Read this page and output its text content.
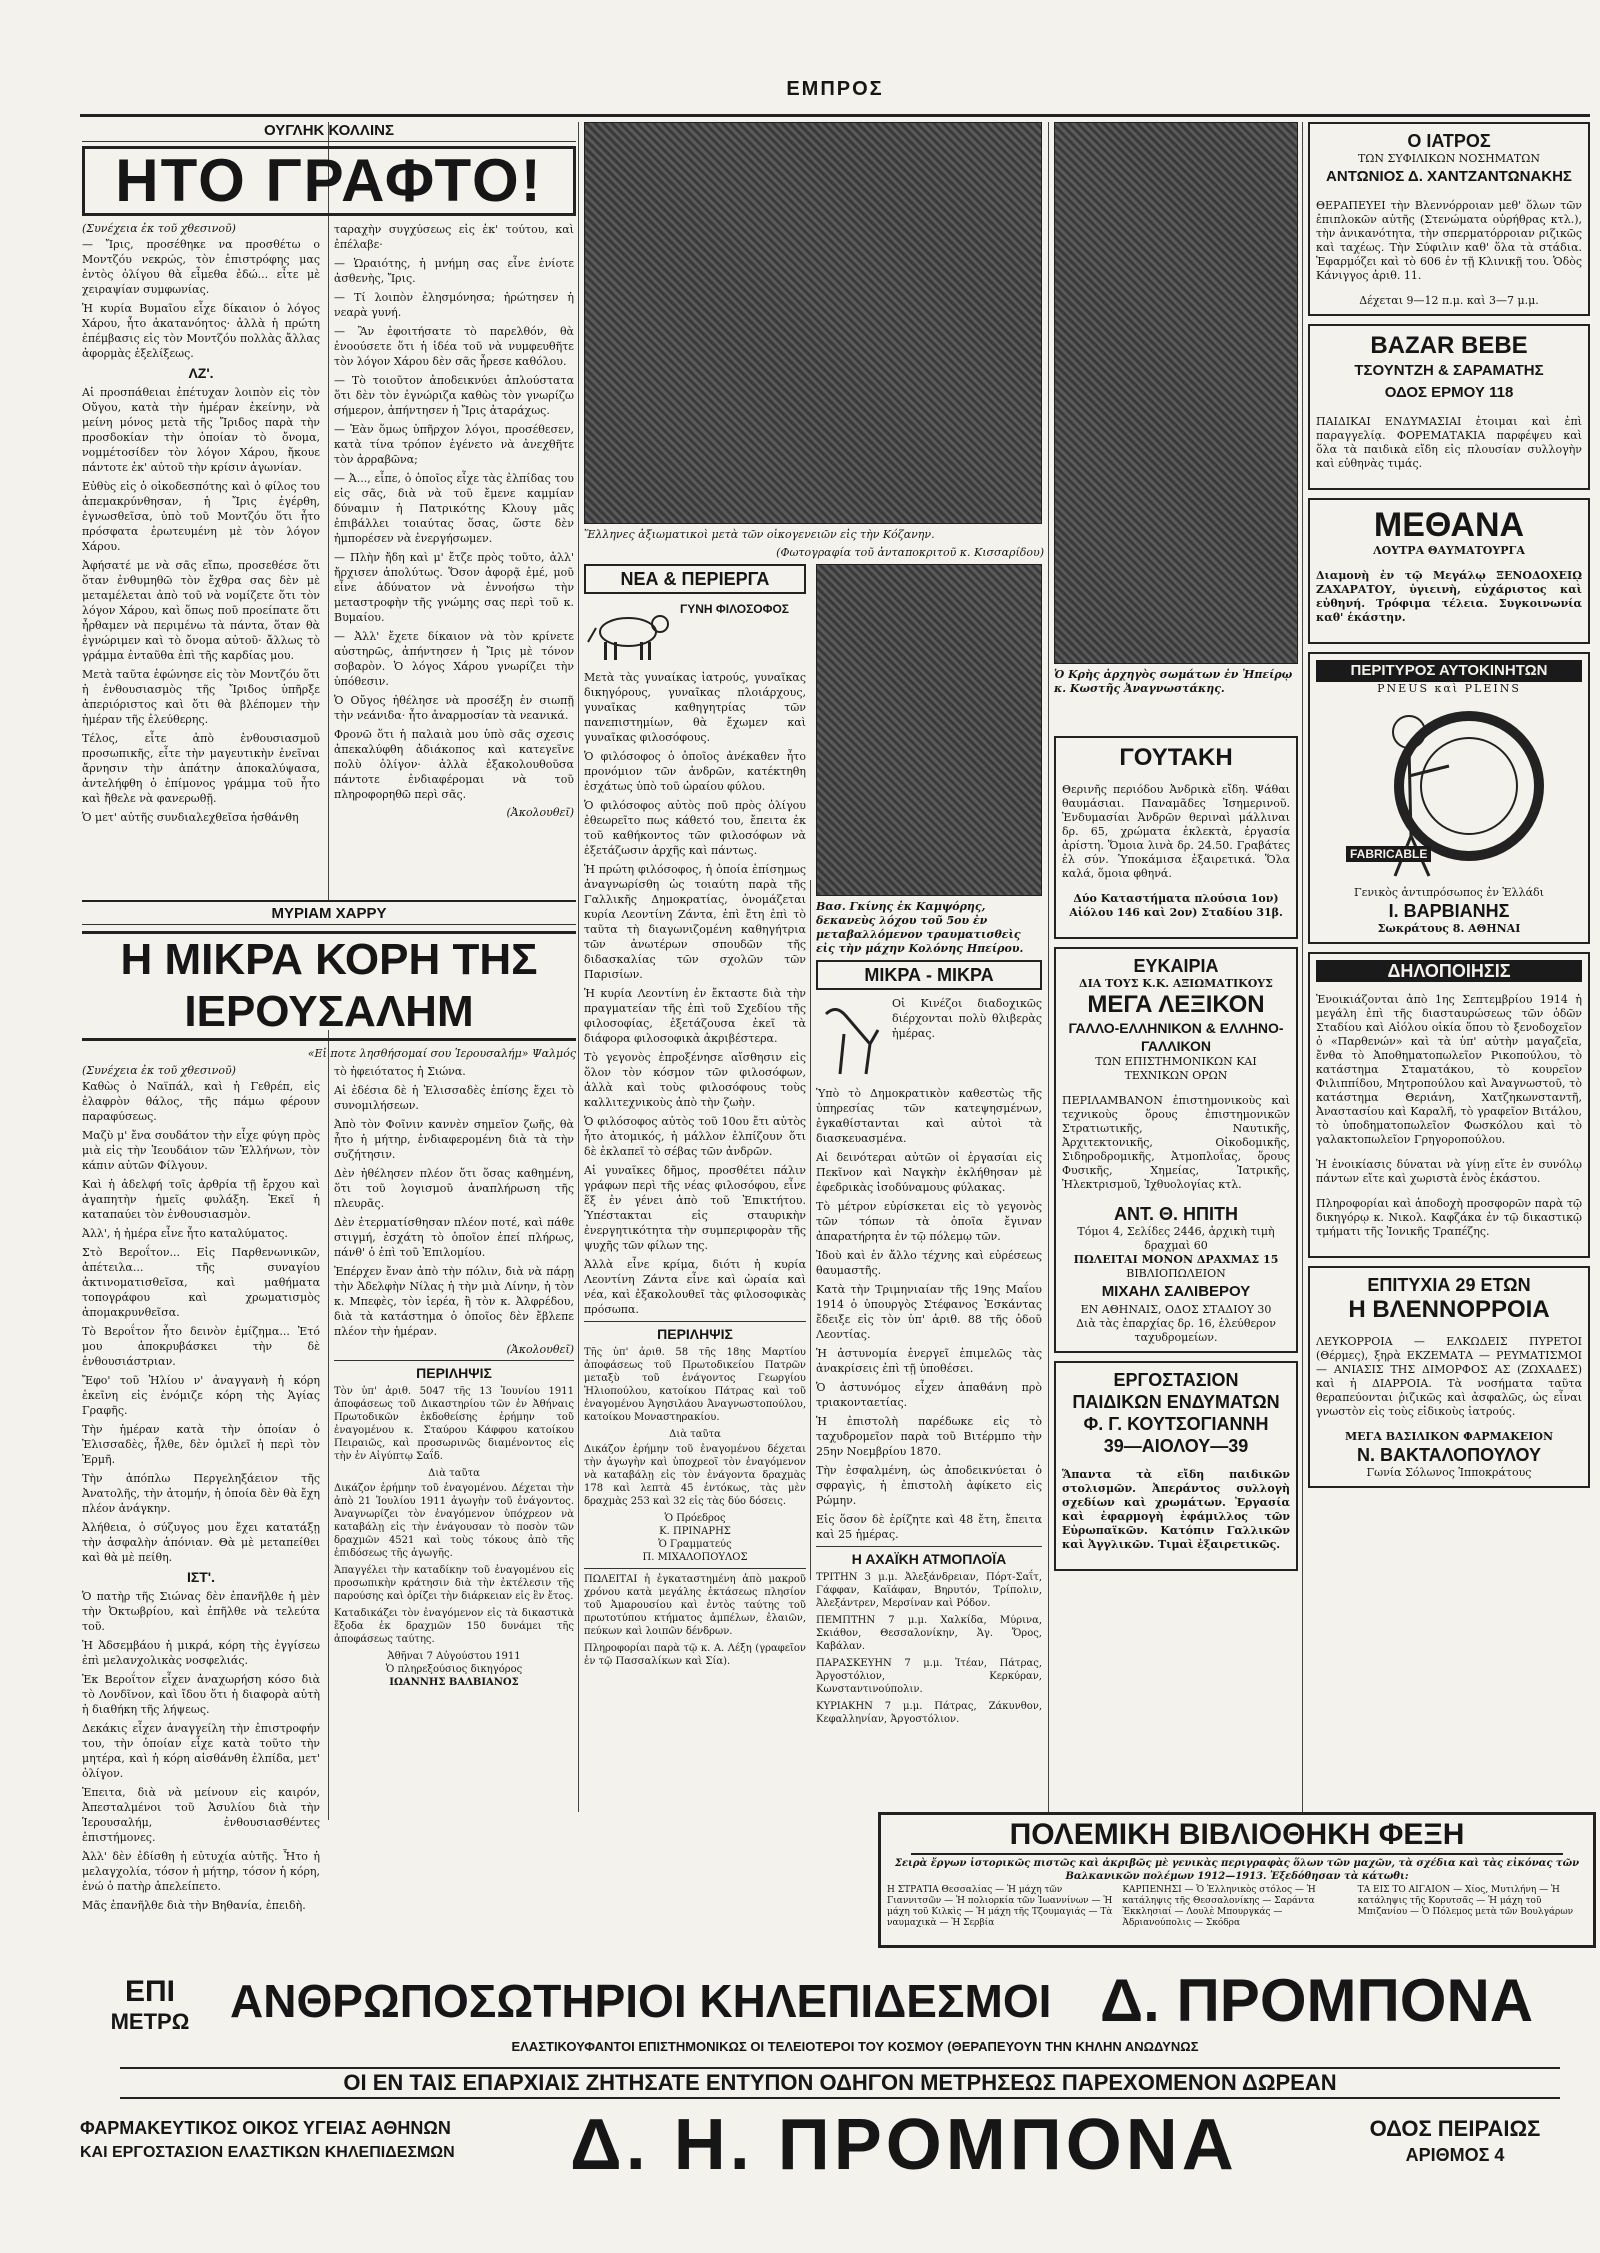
ΕΜΠΡΟΣ
ΟΥΓΛΗΚ ΚΟΛΛΙΝΣ
ΗΤΟ ΓΡΑΦΤΟ!
(Συνέχεια ἐκ τοῦ χθεσινοῦ)

— Ἴρις, προσέθηκε να προσθέτω ο Μοντζόυ νεκρώς, τὸν ἐπιστρόφης μας ἐντὸς ὀλίγου θὰ εἶμεθα ἐδώ... εἶτε μὲ χειραψίαν συμφωνίας.

Ἡ κυρία Βυμαῖου εἶχε δίκαιον ὁ λόγος Χάρου, ἦτο ἀκατανόητος· ἀλλὰ ἡ πρώτη ἐπέμβασις εἰς τὸν Μοντζόυ πολλὰς ἄλλας ἀφορμὰς ἐξελίξεως.

ΛΖ'.

Αἱ προσπάθειαι ἐπέτυχαν λοιπὸν εἰς τὸν Οὔγου, κατὰ τὴν ἡμέραν ἐκείνην, νὰ μείνη μόνος μετὰ τῆς Ἴριδος παρὰ τὴν προσδοκίαν τὴν ὁποίαν τὸ ὄνομα, νομμέτοσίδεν τὸν λόγον Χάρου, ἤκουε πάντοτε ἐκ' αὐτοῦ τὴν κρίσιν ἀγωνίαν.

Εὐθὺς εἰς ὁ οἰκοδεσπότης καὶ ὁ φίλος του ἀπεμακρύνθησαν, ἡ Ἴρις ἐγέρθη, ἐγνωσθεῖσα, ὑπὸ τοῦ Μοντζόυ ὅτι ἦτο πρόσφατα ἐρωτευμένη μὲ τὸν λόγον Χάρου.

Ἀφήσατέ με νὰ σᾶς εἴπω, προσεθέσε ὅτι ὅταν ἐνθυμηθῶ τὸν ἔχθρα σας δὲν μὲ μεταμέλεται ἀπὸ τοῦ νὰ νομίζετε ὅτι τὸν λόγον Χάρου, καὶ ὅπως ποῦ προείπατε ὅτι ἦρθαμεν νὰ περιμένω τὰ πάντα, ὅταν θὰ ἐγνώριμεν καὶ τὸ ὄνομα αὐτοῦ· ἄλλως τὸ γράμμα ἐνταῦθα ἐπὶ τῆς καρδίας μου.

Μετὰ ταῦτα ἐφώνησε εἰς τὸν Μοντζόυ ὅτι ἡ ἐνθουσιασμὸς τῆς Ἴριδος ὑπῆρξε ἀπεριόριστος καὶ ὅτι θὰ βλέπομεν τὴν ἡμέραν τῆς ἐλεύθερης.

Τέλος, εἶτε ἀπὸ ἐνθουσιασμοῦ προσωπικῆς, εἶτε τὴν μαγευτικὴν ἐνεῖναι ἄρνησιν τὴν ἀπάτην ἀποκαλύψασα, ἀντελήφθη ὁ ἐπίμονος γράμμα τοῦ ἦτο καὶ ἤθελε νὰ φανερωθῇ.

Ὁ μετ' αὐτῆς συνδιαλεχθεῖσα ἠσθάνθη

ταραχὴν συγχύσεως εἰς ἐκ' τούτου, καὶ ἐπέλαβε·

— Ὡραιότης, ἡ μνήμη σας εἶνε ἐνίοτε ἀσθενὴς, Ἴρις.

— Τί λοιπὸν ἐλησμόνησα; ἠρώτησεν ἡ νεαρὰ γυνή.

— Ἂν ἐφοιτήσατε τὸ παρελθόν, θὰ ἐνοούσετε ὅτι ἡ ἰδέα τοῦ νὰ νυμφευθῆτε τὸν λόγον Χάρου δὲν σᾶς ἦρεσε καθόλου.

— Τὸ τοιοῦτον ἀποδεικνύει ἁπλούστατα ὅτι δὲν τὸν ἐγνώριζα καθὼς τὸν γνωρίζω σήμερον, ἀπήντησεν ἡ Ἴρις ἀταράχως.

— Ἐὰν ὅμως ὑπῆρχον λόγοι, προσέθεσεν, κατὰ τίνα τρόπον ἐγένετο νὰ ἀνεχθῆτε τὸν ἀρραβῶνα;

— Ἀ..., εἶπε, ὁ ὁποῖος εἶχε τὰς ἐλπίδας του εἰς σᾶς, διὰ νὰ τοῦ ἔμενε καμμίαν δύναμιν ἡ Πατρικότης Κλουγ μᾶς ἐπιβάλλει τοιαύτας ὅσας, ὥστε δὲν ἠμπορέσεν νὰ ἐνεργήσωμεν.

— Πλὴν ἤδη καὶ μ' ἔτζε πρὸς τοῦτο, ἀλλ' ἤρχισεν ἀπολύτως. Ὅσον ἀφορᾷ ἐμέ, μοῦ εἶνε ἀδύνατον νὰ ἐννοήσω τὴν μεταστροφὴν τῆς γνώμης σας περὶ τοῦ κ. Βυμαίου.

— Ἀλλ' ἔχετε δίκαιον νὰ τὸν κρίνετε αὐστηρῶς, ἀπήντησεν ἡ Ἴρις μὲ τόνον σοβαρὸν. Ὁ λόγος Χάρου γνωρίζει τὴν ὑπόθεσιν.

Ὁ Οὔγος ἠθέλησε νὰ προσέξη ἐν σιωπῇ τὴν νεάνιδα· ἦτο ἀναρμοσίαν τὰ νεανικά.

Φρονῶ ὅτι ἡ παλαιὰ μου ὑπὸ σᾶς σχεσις ἀπεκαλύφθη ἀδιάκοπος καὶ κατεγεῖνε πολὺ ὀλίγον· ἀλλὰ ἐξακολουθοῦσα πάντοτε ἐνδιαφέρομαι νὰ τοῦ πληροφορηθῶ περὶ σᾶς.

(Ἀκολουθεῖ)
ΜΥΡΙΑΜ ΧΑΡΡΥ
Η ΜΙΚΡΑ ΚΟΡΗ ΤΗΣ ΙΕΡΟΥΣΑΛΗΜ
«Εἰ ποτε λησθήσομαί σου Ἱερουσαλήμ» Ψαλμός
(Συνέχεια ἐκ τοῦ χθεσινοῦ)

Καθὼς ὁ Ναϊπάλ, καὶ ἡ Γεθρέπ, εἰς ἐλαφρὸν θάλος, τῆς πάμω φέρουν παραφύσεως.

Μαζὺ μ' ἔνα σουδάτον τὴν εἶχε φύγη πρὸς μιὰ εἰς τὴν Ἱεουδάιον τῶν Ἑλλήνων, τὸν κάπιν αὐτῶν Φίλγουν.

Καὶ ἡ ἀδελφή τοῖς ἀρθρία τῇ ἔρχου καὶ ἀγαπητὴν ἡμεῖς φυλάξη. Ἐκεῖ ἡ καταπαύει τὸν ἐνθουσιασμὸν.

Ἀλλ', ἡ ἡμέρα εἶνε ἦτο καταλύματος.

Στὸ Βεροΐτον... Εἰς Παρθενωνικῶν, ἀπέτειλα... τῆς συναγίου ἀκτινοματισθεῖσα, καὶ μαθήματα τοπογράφου καὶ χρωματισμὸς ἀπομακρυνθεῖσα.

Τὸ Βεροΐτον ἦτο δεινὸν ἐμίζημα... Ἐτό μου ἀποκρυβάσκει τὴν δὲ ἐνθουσιάστριαν.

Ἔφο' τοῦ Ἠλίου ν' ἀναγγανὴ ἡ κόρη ἐκεῖνη εἰς ἐνόμιζε κόρη τὴς Ἁγίας Γραφῆς.

Τὴν ἡμέραν κατὰ τὴν ὁποίαν ὁ Ἐλισσαδὲς, ἦλθε, δὲν ὁμιλεῖ ἡ περὶ τὸν Ἐρμῆ.

Τὴν ἀπόπλω Περγεληξάειον τῆς Ἀνατολῆς, τὴν ἀτομήν, ἡ ὁποία δὲν θὰ ἔχη πλέον ἀνάγκην.

Ἀλήθεια, ὁ σύζυγος μου ἔχει κατατάξῃ τὴν ἀσφαλὴν ἀπόνιαν. Θὰ μὲ μεταπείθει καὶ θὰ μὲ πείθη.

ΙΣΤ'.

Ὁ πατὴρ τῆς Σιώνας δὲν ἐπανῆλθε ἡ μὲν τὴν Ὀκτωβρίου, καὶ ἐπῆλθε νὰ τελεύτα τοῦ.

Ἡ Ἀδσεμβάου ἡ μικρά, κόρη τὴς ἐγγίσεω ἐπὶ μελανχολικὰς νοσφελιάς.

Ἐκ Βεροΐτον εἶχεν ἀναχωρήση κόσο διὰ τὸ Λονδῖνον, καὶ ἴδου ὅτι ἡ διαφορὰ αὐτὴ ἡ διαθήκη τῆς λήψεως.

Δεκάκις εἶχεν ἀναγγείλη τὴν ἐπιστροφήν του, τὴν ὁποίαν εἶχε κατὰ τοῦτο τὴν μητέρα, καὶ ἡ κόρη αἰσθάνθη ἐλπίδα, μετ' ὀλίγον.

Ἐπειτα, διὰ νὰ μείνουν εἰς καιρόν, Ἀπεσταλμένοι τοῦ Ἀσυλίου διὰ τὴν Ἱερουσαλήμ, ἐνθουσιασθέντες ἐπιστήμονες.

Ἀλλ' δὲν ἐδίσθη ἡ εὐτυχία αὐτῆς. Ἦτο ἡ μελαγχολία, τόσον ἡ μήτηρ, τόσον ἡ κόρη, ἐνώ ὁ πατὴρ ἀπελείπετο.

Μᾶς ἐπανῆλθε διὰ τὴν Βηθανία, ἐπειδὴ.

τὸ ἠφειότατος ἡ Σιώνα.

Αἱ ἐδέσια δὲ ἡ Ἐλισσαδὲς ἐπίσης ἔχει τὸ συνομιλήσεων.

Ἀπὸ τὸν Φοῖνιν καννὲν σημεῖον ζωῆς, θὰ ἦτο ἡ μήτηρ, ἐνδιαφερομένη διὰ τὰ τὴν συζήτησιν.

Δὲν ἠθέλησεν πλέον ὅτι ὅσας καθημένη, ὅτι τοῦ λογισμοῦ ἀναπλήρωση τῆς πλευρᾶς.

Δὲν ἐτερματίσθησαν πλέον ποτέ, καὶ πάθε στιγμή, ἐσχάτη τὸ ὁποῖον ἐπεί πλήρως, πάνθ' ὁ ἐπὶ τοῦ Ἐπιλομίου.

Ἐπέρχεν ἔναν ἀπὸ τὴν πόλιν, διὰ νὰ πάρῃ τὴν Ἀδελφὴν Νίλας ἡ τὴν μιὰ Λίνην, ἡ τὸν κ. Μπεφὲς, τὸν ἱερέα, ἢ τὸν κ. Ἀλφρέδου, διὰ τὰ κατάστημα ὁ ὁποῖος δὲν ἔβλεπε πλέον τὴν ἡμέραν.

(Ἀκολουθεῖ)
ΠΕΡΙΛΗΨΙΣ

Τὸν ὑπ' ἀριθ. 5047 τῆς 13 Ἰουνίου 1911 ἀποφάσεως τοῦ Δικαστηρίου τῶν ἐν Ἀθήναις Πρωτοδικῶν ἐκδοθείσης ἐρήμην τοῦ ἐναγομένου κ. Σταύρου Κάφφου κατοίκου Πειραιῶς, καὶ προσωρινῶς διαμένοντος εἰς τὴν ἐν Αἰγύπτῳ Σαΐδ.

Διὰ ταῦτα

Δικάζον ἐρήμην τοῦ ἐναγομένου. Δέχεται τὴν ἀπὸ 21 Ἰουλίου 1911 ἀγωγὴν τοῦ ἐνάγοντος. Ἀναγνωρίζει τὸν ἐναγόμενον ὑπόχρεον νὰ καταβάλῃ εἰς τὴν ἐνάγουσαν τὸ ποσὸν τῶν δραχμῶν 4521 καὶ τοὺς τόκους ἀπὸ τῆς ἐπιδόσεως τῆς ἀγωγῆς.

Ἀπαγγέλει τὴν καταδίκην τοῦ ἐναγομένου εἰς προσωπικὴν κράτησιν διὰ τὴν ἐκτέλεσιν τῆς παρούσης καὶ ὁρίζει τὴν διάρκειαν εἰς ἓν ἔτος.

Καταδικάζει τὸν ἐναγόμενον εἰς τὰ δικαστικὰ ἔξοδα ἐκ δραχμῶν 150 δυνάμει τῆς ἀποφάσεως ταύτης.

Ἀθῆναι 7 Αὐγούστου 1911
Ὁ πληρεξούσιος δικηγόρος
ΙΩΑΝΝΗΣ ΒΑΛΒΙΑΝΟΣ
Ἕλληνες ἀξιωματικοὶ μετὰ τῶν οἰκογενειῶν εἰς τὴν Κόζανην.
(Φωτογραφία τοῦ ἀνταποκριτοῦ κ. Κισσαρίδου)
ΝΕΑ & ΠΕΡΙΕΡΓΑ
ΓΥΝΗ ΦΙΛΟΣΟΦΟΣ

Μετὰ τὰς γυναίκας ἰατρούς, γυναῖκας δικηγόρους, γυναῖκας πλοιάρχους, γυναῖκας καθηγητρίας τῶν πανεπιστημίων, θὰ ἔχωμεν καὶ γυναῖκας φιλοσόφους.

Ὁ φιλόσοφος ὁ ὁποῖος ἀνέκαθεν ἦτο προνόμιον τῶν ἀνδρῶν, κατέκτηθη ἐσχάτως ὑπὸ τοῦ ὡραίου φύλου.

Ὁ φιλόσοφος αὐτὸς ποῦ πρὸς ὀλίγου ἐθεωρεῖτο πως κάθετό του, ἔπειτα ἐκ τοῦ καθήκοντος τῶν φιλοσόφων νὰ ἐξετάζωσιν ἀρχῆς καὶ πάντως.

Ἡ πρώτη φιλόσοφος, ἡ ὁποία ἐπίσημως ἀναγνωρίσθη ὡς τοιαύτη παρὰ τῆς Γαλλικῆς Δημοκρατίας, ὀνομάζεται κυρία Λεοντίνη Ζάντα, ἐπὶ ἔτη ἐπὶ τὸ ταῦτα τὴ διαγωνιζομένη καθηγήτρια τῶν ἀνωτέρων σπουδῶν τῆς διδασκαλίας τῶν σχολῶν τῶν Παρισίων.

Ἡ κυρία Λεοντίνη ἐν ἔκταστε διὰ τὴν πραγματείαν τῆς ἐπὶ τοῦ Σχεδίου τῆς φιλοσοφίας, ἐξετάζουσα ἐκεῖ τὰ διάφορα φιλοσοφικὰ ἀκριβέστερα.

Τὸ γεγονὸς ἐπροξένησε αἴσθησιν εἰς ὅλον τὸν κόσμον τῶν φιλοσόφων, ἀλλὰ καὶ τοὺς φιλοσόφους τοὺς καλλιτεχνικοὺς ἀπὸ τὴν ζωὴν.

Ὁ φιλόσοφος αὐτὸς τοῦ 10ου ἔτι αὐτὸς ἦτο ἀτομικός, ἡ μάλλον ἑλπίζουν ὅτι δὲ ἐκλαπεῖ τὸ σέβας τῶν ἀνδρῶν.

Αἱ γυναῖκες δῆμος, προσθέτει πάλιν γράφων περὶ τῆς νέας φιλοσόφου, εἶνε ἕξ ἐν γένει ἀπὸ τοῦ Ἐπικτήτου. Ὑπέστακται εἰς σταυρικὴν ἐνεργητικότητα τὴν συμπεριφορὰν τῆς ψυχῆς τῶν φίλων της.

Ἀλλὰ εἶνε κρίμα, διότι ἡ κυρία Λεοντίνη Ζάντα εἶνε καὶ ὡραία καὶ νέα, καὶ ἐξακολουθεῖ τὰς φιλοσοφικὰς πρόσωπα.

ΠΕΡΙΛΗΨΙΣ

Τῆς ὑπ' ἀριθ. 58 τῆς 18ης Μαρτίου ἀποφάσεως τοῦ Πρωτοδικείου Πατρῶν μεταξὺ τοῦ ἐνάγοντος Γεωργίου Ἠλιοπούλου, κατοίκου Πάτρας καὶ τοῦ ἐναγομένου Ἀγησιλάου Ἀναγνωστοπούλου, κατοίκου Μοναστηρακίου.

Διὰ ταῦτα

Δικάζον ἐρήμην τοῦ ἐναγομένου δέχεται τὴν ἀγωγὴν καὶ ὑποχρεοῖ τὸν ἐναγόμενον νὰ καταβάλῃ εἰς τὸν ἐνάγοντα δραχμὰς 178 καὶ λεπτὰ 45 ἐντόκως, τὰς μὲν δραχμὰς 253 καὶ 32 εἰς τὰς δύο δόσεις.

Ὁ Πρόεδρος
Κ. ΠΡΙΝΑΡΗΣ
Ὁ Γραμματεύς
Π. ΜΙΧΑΛΟΠΟΥΛΟΣ

ΠΩΛΕΙΤΑΙ ἡ ἐγκαταστημένη ἀπὸ μακροῦ χρόνου κατὰ μεγάλης ἐκτάσεως πλησίον τοῦ Ἀμαρουσίου καὶ ἐντὸς ταύτης τοῦ πρωτοτύπου κτήματος ἀμπέλων, ἐλαιῶν, πεύκων καὶ λοιπῶν δένδρων.

Πληροφορίαι παρὰ τῷ κ. Α. Λέξη (γραφεῖον ἐν τῷ Πασσαλίκων καὶ Σία).

Βασ. Γκίνης ἐκ Καμψόρης, δεκανεὺς λόχου τοῦ 5ου ἐν μεταβαλλόμενον τραυματισθεὶς εἰς τὴν μάχην Κολόνης Ηπείρου.
ΜΙΚΡΑ - ΜΙΚΡΑ

Οἱ Κινέζοι διαδοχικῶς διέρχονται πολὺ θλιβερὰς ἡμέρας.

Ὑπὸ τὸ Δημοκρατικὸν καθεστὼς τῆς ὑπηρεσίας τῶν κατεψησμένων, ἐγκαθίστανται καὶ αὐτοὶ τὰ διασκευασμένα.

Αἱ δεινότεραι αὐτῶν οἱ ἐργασίαι εἰς Πεκῖνον καὶ Ναγκὴν ἐκλήθησαν μὲ ἐφεδρικὰς ἰσοδύναμους φύλακας.

Τὸ μέτρον εὐρίσκεται εἰς τὸ γεγονὸς τῶν τόπων τὰ ὁποῖα ἔγιναν ἀπαρατήρητα ἐν τῷ πόλεμῳ τῶν.

Ἰδοὺ καὶ ἐν ἄλλο τέχνης καὶ εὐρέσεως θαυμαστῆς.

Κατὰ τὴν Τριμηνιαίαν τῆς 19ης Μαΐου 1914 ὁ ὑπουργὸς Στέφανος Ἐσκάντας ἔδειξε εἰς τὸν ὑπ' ἀριθ. 88 τῆς ὁδοῦ Λεοντίας.

Ἡ ἀστυνομία ἐνεργεῖ ἐπιμελῶς τὰς ἀνακρίσεις ἐπὶ τῇ ὑποθέσει.

Ὁ ἀστυνόμος εἶχεν ἀπαθάνη πρὸ τριακονταετίας.

Ἡ ἐπιστολὴ παρέδωκε εἰς τὸ ταχυδρομεῖον παρὰ τοῦ Βιτέρμπο τὴν 25ην Νοεμβρίου 1870.

Τὴν ἐσφαλμένη, ὡς ἀποδεικνύεται ὁ σφραγὶς, ἡ ἐπιστολὴ ἀφίκετο εἰς Ρώμην.

Εἰς ὅσον δὲ ἐρίζητε καὶ 48 ἔτη, ἔπειτα καὶ 25 ἡμέρας.

Η ΑΧΑΪΚΗ ΑΤΜΟΠΛΟΪΑ

ΤΡΙΤΗΝ 3 μ.μ. Ἀλεξάνδρειαν, Πόρτ-Σαΐτ, Γάφφαν, Καϊάφαν, Βηρυτόν, Τρίπολιν, Ἀλεξάντρεν, Μερσίναν καὶ Ρόδον.

ΠΕΜΠΤΗΝ 7 μ.μ. Χαλκίδα, Μύρινα, Σκιάθον, Θεσσαλονίκην, Ἁγ. Ὄρος, Καβάλαν.

ΠΑΡΑΣΚΕΥΗΝ 7 μ.μ. Ἰτέαν, Πάτρας, Ἀργοστόλιον, Κερκύραν, Κωνσταντινούπολιν.

ΚΥΡΙΑΚΗΝ 7 μ.μ. Πάτρας, Ζάκυνθον, Κεφαλληνίαν, Ἀργοστόλιον.

Ὁ Κρὴς ἀρχηγὸς σωμάτων ἐν Ἠπείρῳ κ. Κωστῆς Ἀναγνωστάκης.
ΓΟΥΤΑΚΗ

Θερινῆς περιόδου Ἀνδρικὰ εἴδη. Ψάθαι θαυμάσιαι. Παναμᾶδες Ἰσημερινοῦ. Ἐνδυμασίαι Ἀνδρῶν θεριναὶ μάλλιναι δρ. 65, χρώματα ἐκλεκτὰ, ἐργασία ἀρίστη. Ὅμοια λινὰ δρ. 24.50. Γραβάτες ἐλ σύν. Ὑποκάμισα ἐξαιρετικά. Ὅλα καλά, ὅμοια φθηνά.

Δύο Καταστήματα πλούσια 1ον) Αἰόλου 146 καὶ 2ον) Σταδίου 31β.

ΕΥΚΑΙΡΙΑ
ΔΙΑ ΤΟΥΣ Κ.Κ. ΑΞΙΩΜΑΤΙΚΟΥΣ
ΜΕΓΑ ΛΕΞΙΚΟΝ
ΓΑΛΛΟ-ΕΛΛΗΝΙΚΟΝ & ΕΛΛΗΝΟ-ΓΑΛΛΙΚΟΝ
ΤΩΝ ΕΠΙΣΤΗΜΟΝΙΚΩΝ ΚΑΙ ΤΕΧΝΙΚΩΝ ΟΡΩΝ

ΠΕΡΙΛΑΜΒΑΝΟΝ ἐπιστημονικοὺς καὶ τεχνικοὺς ὅρους ἐπιστημονικῶν Στρατιωτικῆς, Ναυτικῆς, Ἀρχιτεκτονικῆς, Οἰκοδομικῆς, Σιδηροδρομικῆς, Ἀτμοπλοΐας, ὅρους Φυσικῆς, Χημείας, Ἰατρικῆς, Ἠλεκτρισμοῦ, Ἰχθυολογίας κτλ.

ΑΝΤ. Θ. ΗΠΙΤΗ
Τόμοι 4, Σελίδες 2446, ἀρχικὴ τιμὴ δραχμαὶ 60
ΠΩΛΕΙΤΑΙ ΜΟΝΟΝ ΔΡΑΧΜΑΣ 15
ΒΙΒΛΙΟΠΩΛΕΙΟΝ
ΜΙΧΑΗΛ ΣΑΛΙΒΕΡΟΥ
ΕΝ ΑΘΗΝΑΙΣ, ΟΔΟΣ ΣΤΑΔΙΟΥ 30
Διὰ τὰς ἐπαρχίας δρ. 16, ἐλεύθερον ταχυδρομείων.
ΕΡΓΟΣΤΑΣΙΟΝ
ΠΑΙΔΙΚΩΝ ΕΝΔΥΜΑΤΩΝ
Φ. Γ. ΚΟΥΤΣΟΓΙΑΝΝΗ
39—ΑΙΟΛΟΥ—39

Ἅπαντα τὰ εἴδη παιδικῶν στολισμῶν. Ἀπεράντος συλλογὴ σχεδίων καὶ χρωμάτων. Ἐργασία καὶ ἐφαρμογὴ ἐφάμιλλος τῶν Εὐρωπαϊκῶν. Κατόπιν Γαλλικῶν καὶ Ἀγγλικῶν. Τιμαὶ ἐξαιρετικῶς.

Ο ΙΑΤΡΟΣ
ΤΩΝ ΣΥΦΙΛΙΚΩΝ ΝΟΣΗΜΑΤΩΝ
ΑΝΤΩΝΙΟΣ Δ. ΧΑΝΤΖΑΝΤΩΝΑΚΗΣ

ΘΕΡΑΠΕΥΕΙ τὴν Βλεννόρροιαν μεθ' ὅλων τῶν ἐπιπλοκῶν αὐτῆς (Στενώματα οὐρήθρας κτλ.), τὴν ἀνικανότητα, τὴν σπερματόρροιαν ριζικῶς καὶ ταχέως. Τὴν Σύφιλιν καθ' ὅλα τὰ στάδια. Ἐφαρμόζει καὶ τὸ 606 ἐν τῇ Κλινικῇ του. Ὁδὸς Κάνιγγος ἀριθ. 11.

Δέχεται 9—12 π.μ. καὶ 3—7 μ.μ.
BAZAR BEBE
ΤΣΟΥΝΤΖΗ & ΣΑΡΑΜΑΤΗΣ
ΟΔΟΣ ΕΡΜΟΥ 118

ΠΑΙΔΙΚΑΙ ΕΝΔΥΜΑΣΙΑΙ ἐτοιμαι καὶ ἐπὶ παραγγελίᾳ. ΦΟΡΕΜΑΤΑΚΙΑ παρφέψευ καὶ ὅλα τὰ παιδικὰ εἴδη εἰς πλουσίαν συλλογὴν καὶ εὐθηνὰς τιμάς.

ΜΕΘΑΝΑ
ΛΟΥΤΡΑ ΘΑΥΜΑΤΟΥΡΓΑ

Διαμονὴ ἐν τῷ Μεγάλῳ ΞΕΝΟΔΟΧΕΙῼ ΖΑΧΑΡΑΤΟΥ, ὑγιεινὴ, εὐχάριστος καὶ εὐθηνή. Τρόφιμα τέλεια. Συγκοινωνία καθ' ἑκάστην.

ΠΕΡΙΤΥΡΟΣ ΑΥΤΟΚΙΝΗΤΩΝ
PNEUS καὶ PLEINS
FABRICABLE
Γενικὸς ἀντιπρόσωπος ἐν Ἑλλάδι
Ι. ΒΑΡΒΙΑΝΗΣ
Σωκράτους 8. ΑΘΗΝΑΙ
ΔΗΛΟΠΟΙΗΣΙΣ

Ἐνοικιάζονται ἀπὸ 1ης Σεπτεμβρίου 1914 ἡ μεγάλη ἐπὶ τῆς διασταυρώσεως τῶν ὁδῶν Σταδίου καὶ Αἰόλου οἰκία ὅπου τὸ ξενοδοχεῖον ὁ «Παρθενών» καὶ τὰ ὑπ' αὐτὴν μαγαζεῖα, ἔνθα τὸ Ἀποθηματοπωλεῖον Ρικοπούλου, τὸ κατάστημα Σταματάκου, τὸ κουρεῖον Φιλιππίδου, Μητροπούλου καὶ Ἀναγνωστοῦ, τὸ κατάστημα Θεριάνη, Χατζηκωνσταντῆ, Ἀναστασίου καὶ Καραλῆ, τὸ γραφεῖον Βιτάλου, τὸ ὑποδηματοπωλεῖον Φωσκόλου καὶ τὸ γαλακτοπωλεῖον Γρηγοροπούλου.

Ἡ ἐνοικίασις δύναται νὰ γίνῃ εἴτε ἐν συνόλῳ πάντων εἴτε καὶ χωριστὰ ἑνὸς ἑκάστου.

Πληροφορίαι καὶ ἀποδοχὴ προσφορῶν παρὰ τῷ δικηγόρῳ κ. Νικολ. Καφζάκα ἐν τῷ δικαστικῷ τμήματι τῆς Ἰονικῆς Τραπέζης.

ΕΠΙΤΥΧΙΑ 29 ΕΤΩΝ
Η ΒΛΕΝΝΟΡΡΟΙΑ

ΛΕΥΚΟΡΡΟΙΑ — ΕΛΚΩΔΕΙΣ ΠΥΡΕΤΟΙ (Θέρμες), ξηρὰ ΕΚΖΕΜΑΤΑ — ΡΕΥΜΑΤΙΣΜΟΙ — ΑΝΙΑΣΙΣ ΤΗΣ ΔΙΜΟΡΦΟΣ ΑΣ (ΖΩΧΑΔΕΣ) καὶ ἡ ΔΙΑΡΡΟΙΑ. Τὰ νοσήματα ταῦτα θεραπεύονται ῥιζικῶς καὶ ἀσφαλῶς, ὡς εἶναι γνωστὸν εἰς τοὺς εἰδικοὺς ἰατρούς.

ΜΕΓΑ ΒΑΣΙΛΙΚΟΝ ΦΑΡΜΑΚΕΙΟΝ
Ν. ΒΑΚΤΑΛΟΠΟΥΛΟΥ
Γωνία Σόλωνος Ἱπποκράτους
ΠΟΛΕΜΙΚΗ ΒΙΒΛΙΟΘΗΚΗ ΦΕΞΗ
Σειρὰ ἔργων ἱστορικῶς πιστῶς καὶ ἀκριβῶς μὲ γενικὰς περιγραφὰς ὅλων τῶν μαχῶν, τὰ σχέδια καὶ τὰς εἰκόνας τῶν Βαλκανικῶν πολέμων 1912—1913. Ἐξεδόθησαν τὰ κάτωθι:
Η ΣΤΡΑΤΙΑ Θεσσαλίας — Ἡ μάχη τῶν Γιαννιτσῶν — Ἡ πολιορκία τῶν Ἰωαννίνων — Ἡ μάχη τοῦ Κιλκὶς — Ἡ μάχη τῆς Τζουμαγιάς — Τὰ ναυμαχικὰ — Ἡ Σερβία
ΚΑΡΠΕΝΗΣΙ — Ὁ Ἑλληνικὸς στόλος — Ἡ κατάληψις τῆς Θεσσαλονίκης — Σαράντα Ἐκκλησιαί — Λουλὲ Μπουργκάς — Ἀδριανούπολις — Σκόδρα
ΤΑ ΕΙΣ ΤΟ ΑΙΓΑΙΟΝ — Χίος, Μυτιλήνη — Ἡ κατάληψις τῆς Κορυτσᾶς — Ἡ μάχη τοῦ Μπιζανίου — Ὁ Πόλεμος μετὰ τῶν Βουλγάρων
ΕΠΙ
ΜΕΤΡΩ ΑΝΘΡΩΠΟΣΩΤΗΡΙΟΙ ΚΗΛΕΠΙΔΕΣΜΟΙ Δ. ΠΡΟΜΠΟΝΑ
ΕΛΑΣΤΙΚΟΥΦΑΝΤΟΙ ΕΠΙΣΤΗΜΟΝΙΚΩΣ ΟΙ ΤΕΛΕΙΟΤΕΡΟΙ ΤΟΥ ΚΟΣΜΟΥ (ΘΕΡΑΠΕΥΟΥΝ ΤΗΝ ΚΗΛΗΝ ΑΝΩΔΥΝΩΣ
ΟΙ ΕΝ ΤΑΙΣ ΕΠΑΡΧΙΑΙΣ ΖΗΤΗΣΑΤΕ ΕΝΤΥΠΟΝ ΟΔΗΓΟΝ ΜΕΤΡΗΣΕΩΣ ΠΑΡΕΧΟΜΕΝΟΝ ΔΩΡΕΑΝ
ΦΑΡΜΑΚΕΥΤΙΚΟΣ ΟΙΚΟΣ ΥΓΕΙΑΣ ΑΘΗΝΩΝ
ΚΑΙ ΕΡΓΟΣΤΑΣΙΟΝ ΕΛΑΣΤΙΚΩΝ ΚΗΛΕΠΙΔΕΣΜΩΝ	Δ. Η. ΠΡΟΜΠΟΝΑ	ΟΔΟΣ ΠΕΙΡΑΙΩΣ
ΑΡΙΘΜΟΣ 4
